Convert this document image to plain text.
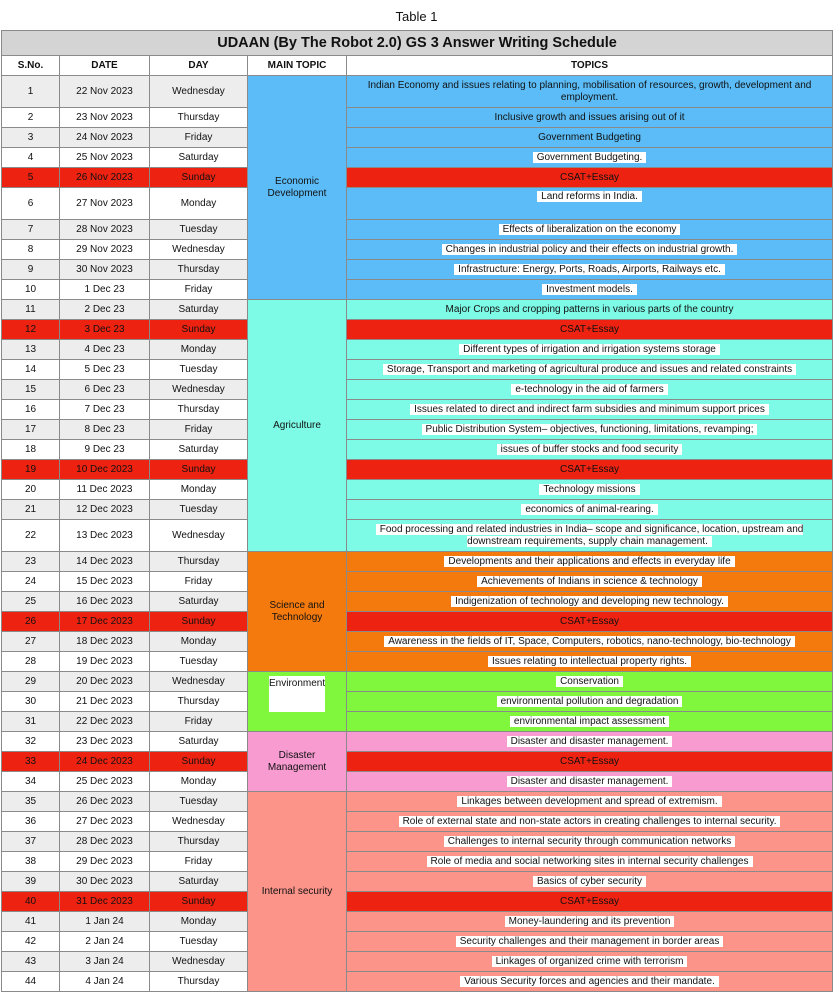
Table 1
UDAAN (By The Robot 2.0) GS 3 Answer Writing Schedule				
S.No.	DATE	DAY	MAIN TOPIC	TOPICS
1	22 Nov 2023	Wednesday	Economic Development	Indian Economy and issues relating to planning, mobilisation of resources, growth, development and employment.
2	23 Nov 2023	Thursday		Inclusive growth and issues arising out of it
3	24 Nov 2023	Friday		Government Budgeting
4	25 Nov 2023	Saturday		Government Budgeting.
5	26 Nov 2023	Sunday		CSAT+Essay
6	27 Nov 2023	Monday		Land reforms in India.
7	28 Nov 2023	Tuesday		Effects of liberalization on the economy
8	29 Nov 2023	Wednesday		Changes in industrial policy and their effects on industrial growth.
9	30 Nov 2023	Thursday		Infrastructure: Energy, Ports, Roads, Airports, Railways etc.
10	1 Dec 23	Friday		Investment models.
11	2 Dec 23	Saturday	Agriculture	Major Crops and cropping patterns in various parts of the country
12	3 Dec 23	Sunday		CSAT+Essay
13	4 Dec 23	Monday		Different types of irrigation and irrigation systems storage
14	5 Dec 23	Tuesday		Storage, Transport and marketing of agricultural produce and issues and related constraints
15	6 Dec 23	Wednesday		e-technology in the aid of farmers
16	7 Dec 23	Thursday		Issues related to direct and indirect farm subsidies and minimum support prices
17	8 Dec 23	Friday		Public Distribution System– objectives, functioning, limitations, revamping;
18	9 Dec 23	Saturday		issues of buffer stocks and food security
19	10 Dec 2023	Sunday		CSAT+Essay
20	11 Dec 2023	Monday		Technology missions
21	12 Dec 2023	Tuesday		economics of animal-rearing.
22	13 Dec 2023	Wednesday		Food processing and related industries in India– scope and significance, location, upstream and downstream requirements, supply chain management.
23	14 Dec 2023	Thursday	Science and Technology	Developments and their applications and effects in everyday life
24	15 Dec 2023	Friday		Achievements of Indians in science & technology
25	16 Dec 2023	Saturday		Indigenization of technology and developing new technology.
26	17 Dec 2023	Sunday		CSAT+Essay
27	18 Dec 2023	Monday		Awareness in the fields of IT, Space, Computers, robotics, nano-technology, bio-technology
28	19 Dec 2023	Tuesday		Issues relating to intellectual property rights.
29	20 Dec 2023	Wednesday	Environment	Conservation
30	21 Dec 2023	Thursday		environmental pollution and degradation
31	22 Dec 2023	Friday		environmental impact assessment
32	23 Dec 2023	Saturday	Disaster Management	Disaster and disaster management.
33	24 Dec 2023	Sunday		CSAT+Essay
34	25 Dec 2023	Monday		Disaster and disaster management.
35	26 Dec 2023	Tuesday	Internal security	Linkages between development and spread of extremism.
36	27 Dec 2023	Wednesday		Role of external state and non-state actors in creating challenges to internal security.
37	28 Dec 2023	Thursday		Challenges to internal security through communication networks
38	29 Dec 2023	Friday		Role of media and social networking sites in internal security challenges
39	30 Dec 2023	Saturday		Basics of cyber security
40	31 Dec 2023	Sunday		CSAT+Essay
41	1 Jan 24	Monday		Money-laundering and its prevention
42	2 Jan 24	Tuesday		Security challenges and their management in border areas
43	3 Jan 24	Wednesday		Linkages of organized crime with terrorism
44	4 Jan 24	Thursday		Various Security forces and agencies and their mandate.
